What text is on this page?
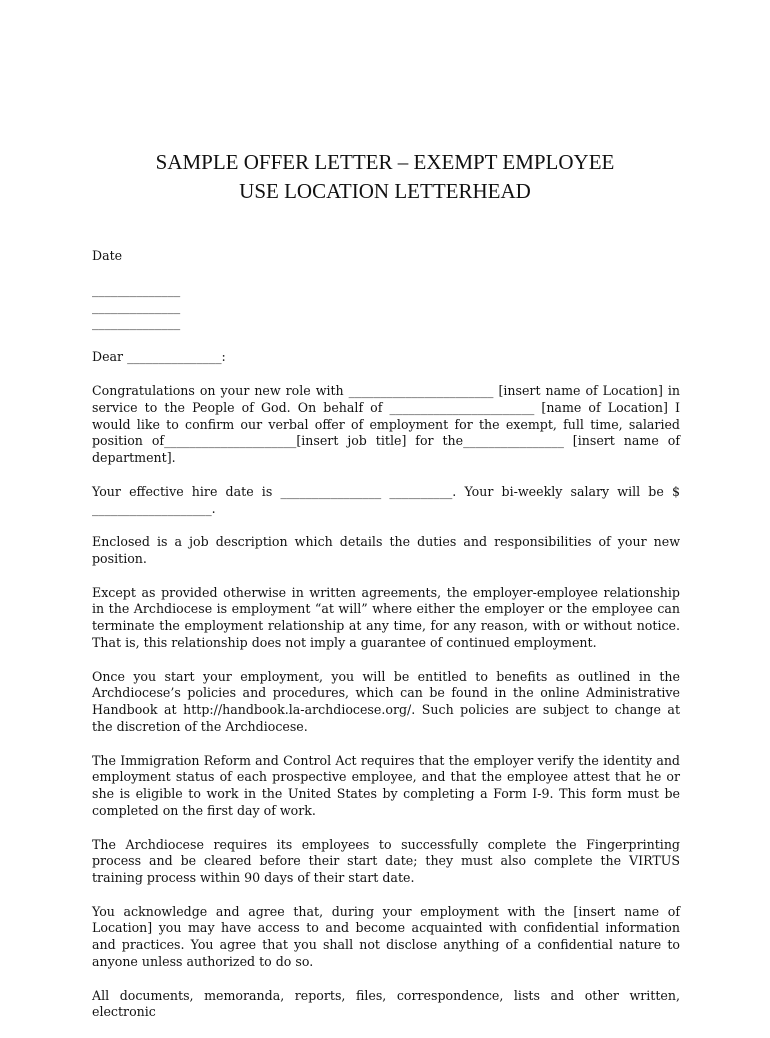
SAMPLE OFFER LETTER – EXEMPT EMPLOYEE
USE LOCATION LETTERHEAD

Date

______________
______________
______________

Dear _______________:

Congratulations on your new role with _______________________ [insert name of Location] in service to the People of God. On behalf of _______________________ [name of Location] I would like to confirm our verbal offer of employment for the exempt, full time, salaried position of_____________________[insert job title] for the________________ [insert name of department].

Your effective hire date is ________________ __________. Your bi-weekly salary will be $ ___________________.

Enclosed is a job description which details the duties and responsibilities of your new position.

Except as provided otherwise in written agreements, the employer-employee relationship in the Archdiocese is employment “at will” where either the employer or the employee can terminate the employment relationship at any time, for any reason, with or without notice. That is, this relationship does not imply a guarantee of continued employment.

Once you start your employment, you will be entitled to benefits as outlined in the Archdiocese’s policies and procedures, which can be found in the online Administrative Handbook at http://handbook.la-archdiocese.org/. Such policies are subject to change at the discretion of the Archdiocese.

The Immigration Reform and Control Act requires that the employer verify the identity and employment status of each prospective employee, and that the employee attest that he or she is eligible to work in the United States by completing a Form I-9. This form must be completed on the first day of work.

The Archdiocese requires its employees to successfully complete the Fingerprinting process and be cleared before their start date; they must also complete the VIRTUS training process within 90 days of their start date.

You acknowledge and agree that, during your employment with the [insert name of Location] you may have access to and become acquainted with confidential information and practices. You agree that you shall not disclose anything of a confidential nature to anyone unless authorized to do so.

All documents, memoranda, reports, files, correspondence, lists and other written, electronic
